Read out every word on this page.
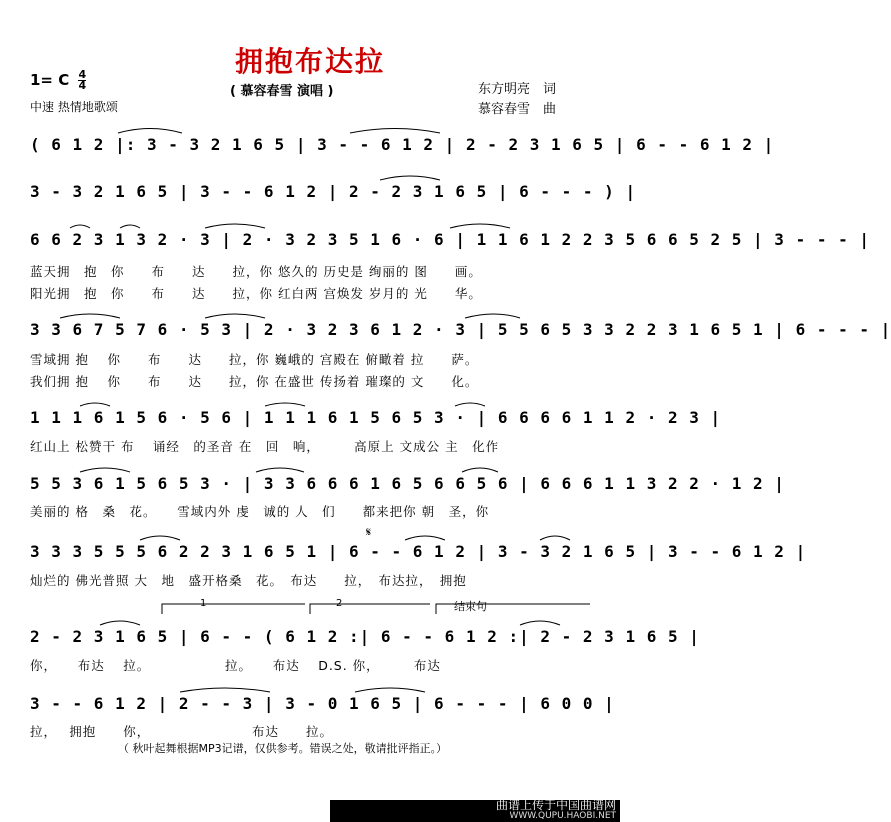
拥抱布达拉
( 慕容春雪 演唱 )
1= C $\frac{4}{4}$
中速 热情地歌颂
东方明亮　词
慕容春雪　曲
( 6 1 2 |: 3 - 3 2 1 6 5 | 3 - - 6 1 2 | 2 - 2 3 1 6 5 | 6 - - 6 1 2 |
3 - 3 2 1 6 5 | 3 - - 6 1 2 | 2 - 2 3 1 6 5 | 6 - - - ) |
6 6 2 3 1 3 2 · 3 | 2 · 3 2 3 5 1 6 · 6 | 1 1 6 1 2 2 3 5 6 6 5 2 5 | 3 - - - |
蓝天拥　抱　你　　布　　达　　拉，你 悠久的 历史是 绚丽的 图　　画。
阳光拥　抱　你　　布　　达　　拉，你 红白两 宫焕发 岁月的 光　　华。
3 3 6 7 5 7 6 · 5 3 | 2 · 3 2 3 6 1 2 · 3 | 5 5 6 5 3 3 2 2 3 1 6 5 1 | 6 - - - |
雪域拥 抱　 你　　布　　达　　拉，你 巍峨的 宫殿在 俯瞰着 拉　　萨。
我们拥 抱　 你　　布　　达　　拉，你 在盛世 传扬着 璀璨的 文　　化。
1 1 1 6 1 5 6 · 5 6 | 1 1 1 6 1 5 6 5 3 · | 6 6 6 6 1 1 2 · 2 3 |
红山上 松赞干 布　 诵经　的圣音 在　回　响，　　　高原上 文成公 主　化作
5 5 3 6 1 5 6 5 3 · | 3 3 6 6 6 1 6 5 6 6 5 6 | 6 6 6 1 1 3 2 2 · 1 2 |
美丽的 格　桑　花。　　雪域内外 虔　诚的 人　们　　都来把你 朝　圣，你
3 3 3 5 5 5 6 2 2 3 1 6 5 1 | 6 - - 6 1 2 | 3 - 3 2 1 6 5 | 3 - - 6 1 2 |
灿烂的 佛光普照 大　地　盛开格桑　花。　布达　　拉，　布达拉，　拥抱
1	2	结束句
2 - 2 3 1 6 5 | 6 - - ( 6 1 2 :| 6 - - 6 1 2 :| 2 - 2 3 1 6 5 |
你，　　布达　 拉。　　　　　　拉。　　布达　 D.S. 你，　　　布达
3 - - 6 1 2 | 2 - - 3 | 3 - 0 1 6 5 | 6 - - - | 6 0 0 |
拉，　 拥抱　　你，　　　　　　　　布达　　拉。
（ 秋叶起舞根据MP3记谱，仅供参考。错误之处，敬请批评指正。）
𝄋
曲谱上传于中国曲谱网
WWW.QUPU.HAOBI.NET
